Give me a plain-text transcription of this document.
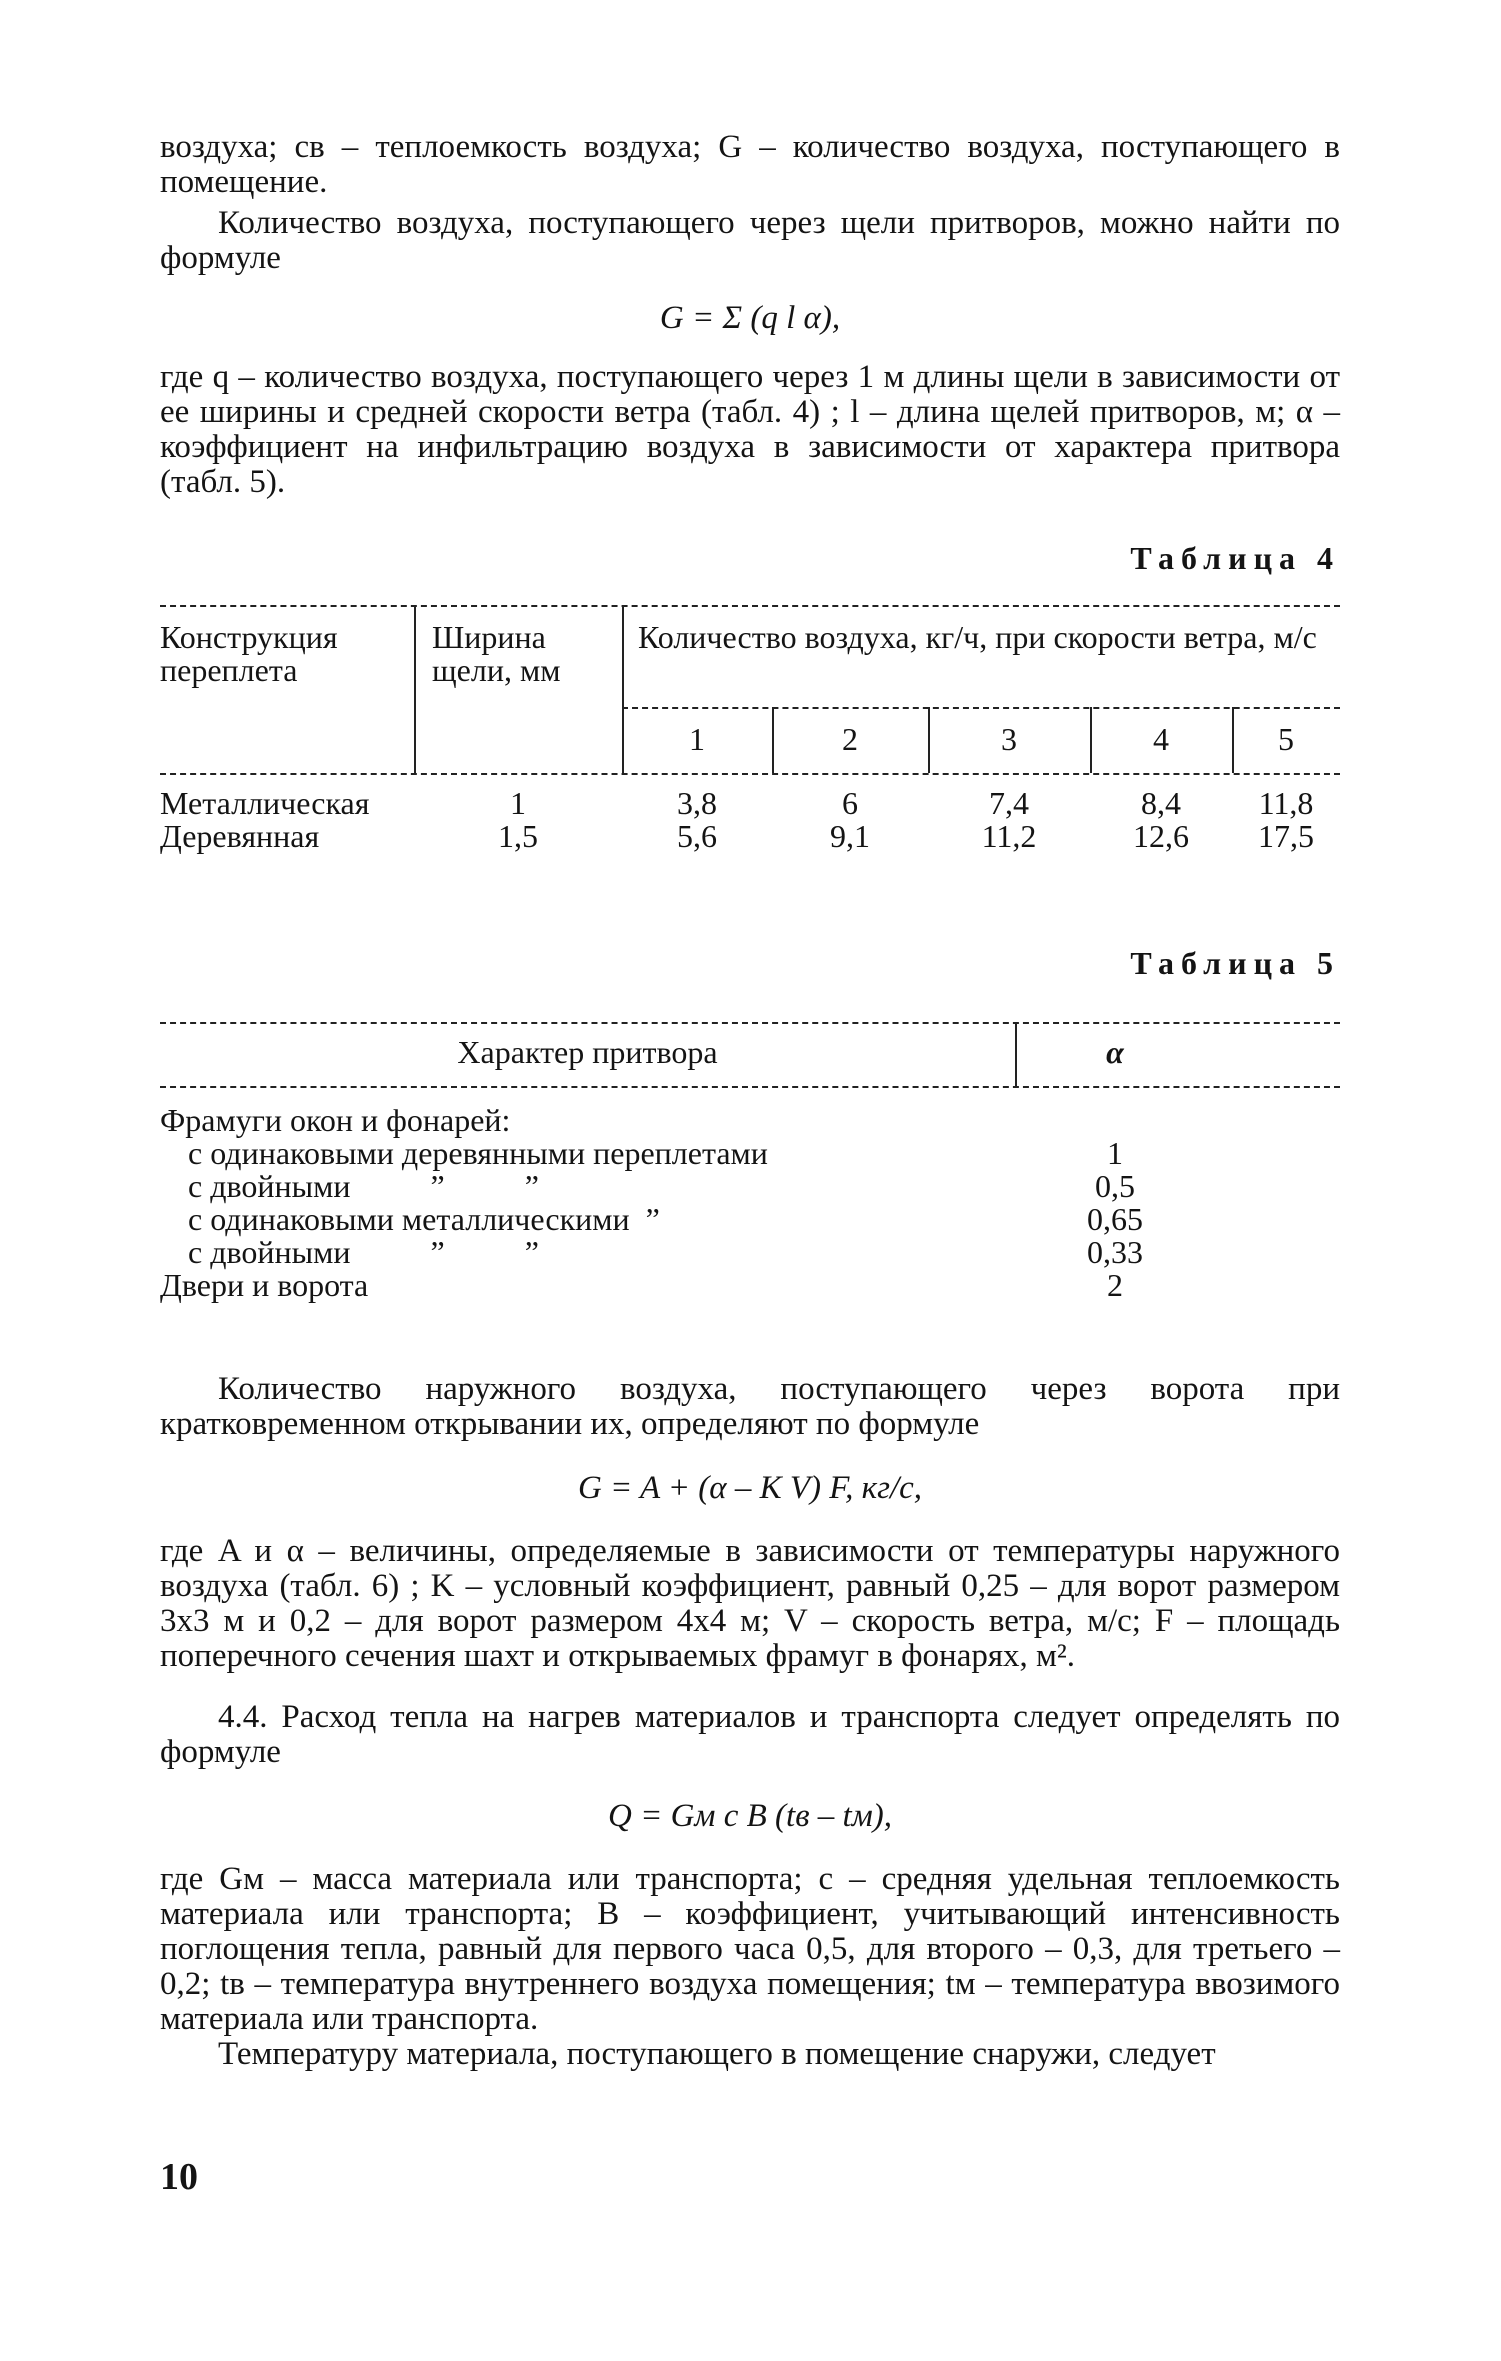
воздуха; cв – теплоемкость воздуха; G – количество воздуха, поступающего в помещение.

Количество воздуха, поступающего через щели притворов, можно найти по формуле

G = Σ (q l α),

где q – количество воздуха, поступающего через 1 м длины щели в зависимости от ее ширины и средней скорости ветра (табл. 4) ; l – длина щелей притворов, м; α – коэффициент на инфильтрацию воздуха в зависимости от характера притвора (табл. 5).

Таблица 4
Конструкция переплета
Ширина щели, мм
Количество воздуха, кг/ч, при скорости ветра, м/с
1	2	3	4	5
Металлическая	1	3,8	6	7,4	8,4	11,8
Деревянная	1,5	5,6	9,1	11,2	12,6	17,5
Таблица 5
Характер притвора	α
Фрамуги окон и фонарей:
с одинаковыми деревянными переплетами	1
с двойными          ”          ”	0,5
с одинаковыми металлическими  ”	0,65
с двойными          ”          ”	0,33
Двери и ворота	2

Количество наружного воздуха, поступающего через ворота при кратковременном открывании их, определяют по формуле

G = A + (α – K V) F, кг/с,

где A и α – величины, определяемые в зависимости от температуры наружного воздуха (табл. 6) ; K – условный коэффициент, равный 0,25 – для ворот размером 3х3 м и 0,2 – для ворот размером 4х4 м; V – скорость ветра, м/с; F – площадь поперечного сечения шахт и открываемых фрамуг в фонарях, м².

4.4. Расход тепла на нагрев материалов и транспорта следует определять по формуле

Q = Gм c B (tв – tм),

где Gм – масса материала или транспорта; c – средняя удельная теплоемкость материала или транспорта; B – коэффициент, учитывающий интенсивность поглощения тепла, равный для первого часа 0,5, для второго – 0,3, для третьего – 0,2; tв – температура внутреннего воздуха помещения; tм – температура ввозимого материала или транспорта.

Температуру материала, поступающего в помещение снаружи, следует

10
